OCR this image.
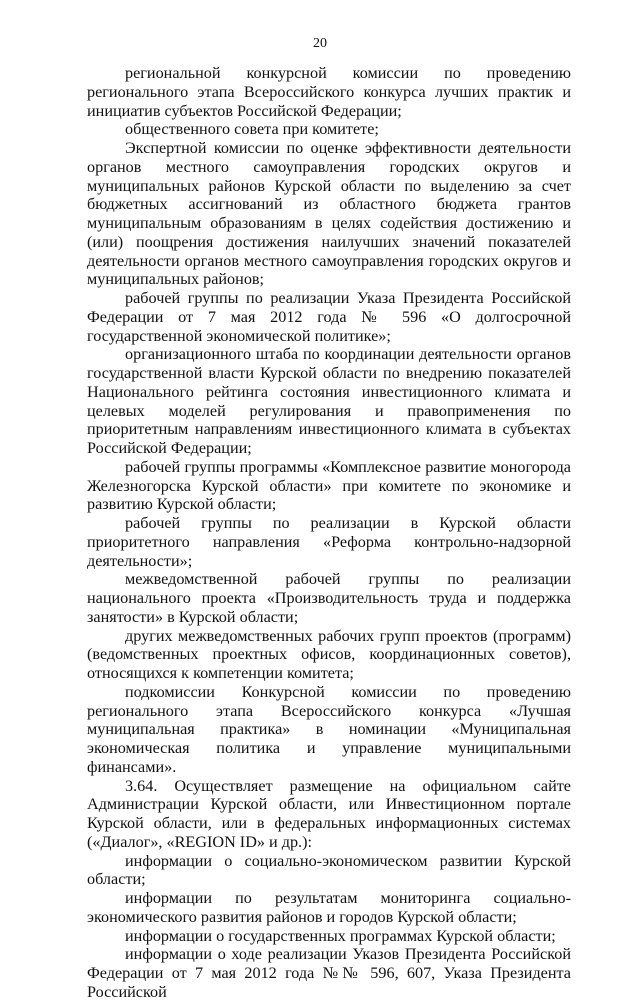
20

региональной конкурсной комиссии по проведению регионального этапа Всероссийского конкурса лучших практик и инициатив субъектов Российской Федерации;

общественного совета при комитете;

Экспертной комиссии по оценке эффективности деятельности органов местного самоуправления городских округов и муниципальных районов Курской области по выделению за счет бюджетных ассигнований из областного бюджета грантов муниципальным образованиям в целях содействия достижению и (или) поощрения достижения наилучших значений показателей деятельности органов местного самоуправления городских округов и муниципальных районов;

рабочей группы по реализации Указа Президента Российской Федерации от 7 мая 2012 года № 596 «О долгосрочной государственной экономической политике»;

организационного штаба по координации деятельности органов государственной власти Курской области по внедрению показателей Национального рейтинга состояния инвестиционного климата и целевых моделей регулирования и правоприменения по приоритетным направлениям инвестиционного климата в субъектах Российской Федерации;

рабочей группы программы «Комплексное развитие моногорода Железногорска Курской области» при комитете по экономике и развитию Курской области;

рабочей группы по реализации в Курской области приоритетного направления «Реформа контрольно-надзорной деятельности»;

межведомственной рабочей группы по реализации национального проекта «Производительность труда и поддержка занятости» в Курской области;

других межведомственных рабочих групп проектов (программ) (ведомственных проектных офисов, координационных советов), относящихся к компетенции комитета;

подкомиссии Конкурсной комиссии по проведению регионального этапа Всероссийского конкурса «Лучшая муниципальная практика» в номинации «Муниципальная экономическая политика и управление муниципальными финансами».

3.64. Осуществляет размещение на официальном сайте Администрации Курской области, или Инвестиционном портале Курской области, или в федеральных информационных системах («Диалог», «REGION ID» и др.):

информации о социально-экономическом развитии Курской области;

информации по результатам мониторинга социально-экономического развития районов и городов Курской области;

информации о государственных программах Курской области;

информации о ходе реализации Указов Президента Российской Федерации от 7 мая 2012 года №№ 596, 607, Указа Президента Российской
